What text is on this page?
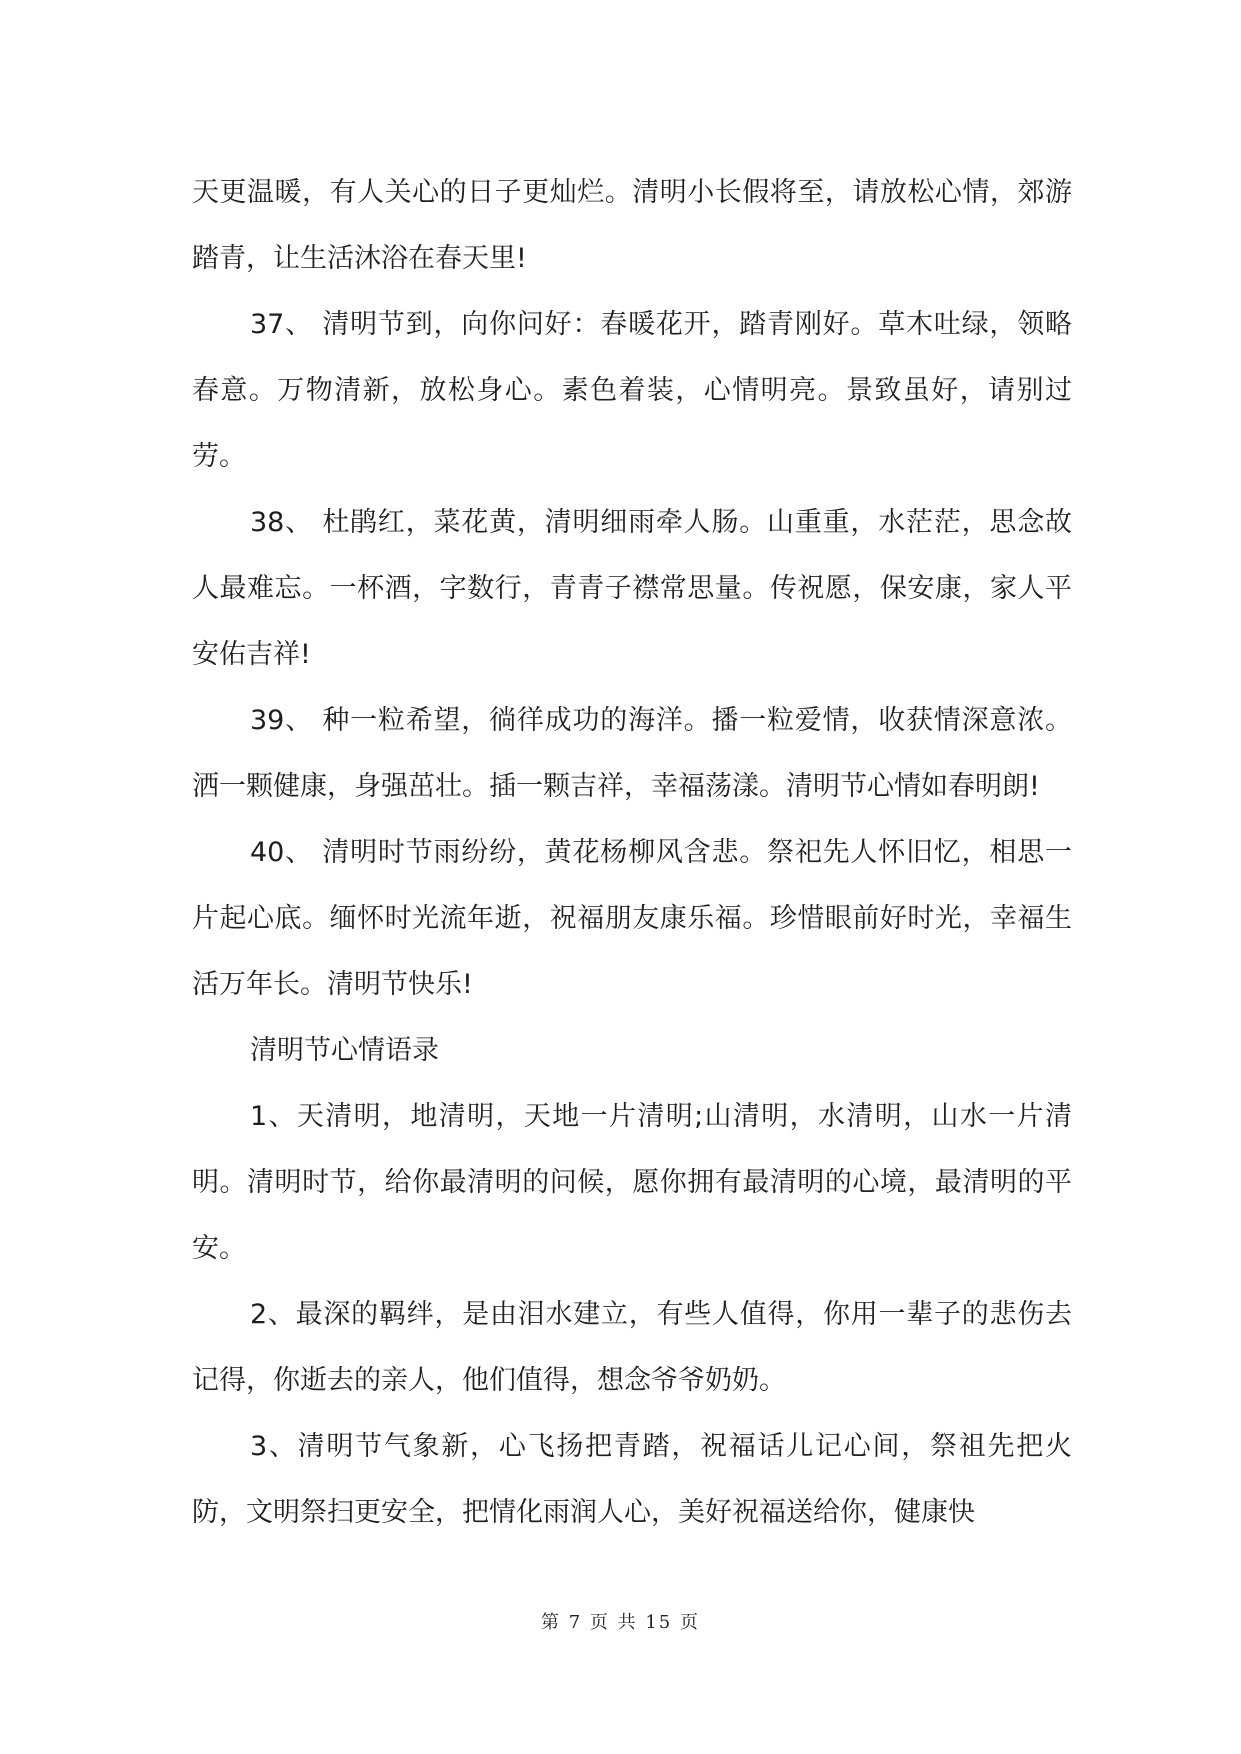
天更温暖，有人关心的日子更灿烂。清明小长假将至，请放松心情，郊游踏青，让生活沐浴在春天里!

37、 清明节到，向你问好：春暖花开，踏青刚好。草木吐绿，领略春意。万物清新，放松身心。素色着装，心情明亮。景致虽好，请别过劳。

38、 杜鹃红，菜花黄，清明细雨牵人肠。山重重，水茫茫，思念故人最难忘。一杯酒，字数行，青青子襟常思量。传祝愿，保安康，家人平安佑吉祥!

39、 种一粒希望，徜徉成功的海洋。播一粒爱情，收获情深意浓。洒一颗健康，身强茁壮。插一颗吉祥，幸福荡漾。清明节心情如春明朗!

40、 清明时节雨纷纷，黄花杨柳风含悲。祭祀先人怀旧忆，相思一片起心底。缅怀时光流年逝，祝福朋友康乐福。珍惜眼前好时光，幸福生活万年长。清明节快乐!

清明节心情语录

1、天清明，地清明，天地一片清明;山清明，水清明，山水一片清明。清明时节，给你最清明的问候，愿你拥有最清明的心境，最清明的平安。

2、最深的羁绊，是由泪水建立，有些人值得，你用一辈子的悲伤去记得，你逝去的亲人，他们值得，想念爷爷奶奶。

3、清明节气象新，心飞扬把青踏，祝福话儿记心间，祭祖先把火防，文明祭扫更安全，把情化雨润人心，美好祝福送给你，健康快

第 7 页 共 15 页
